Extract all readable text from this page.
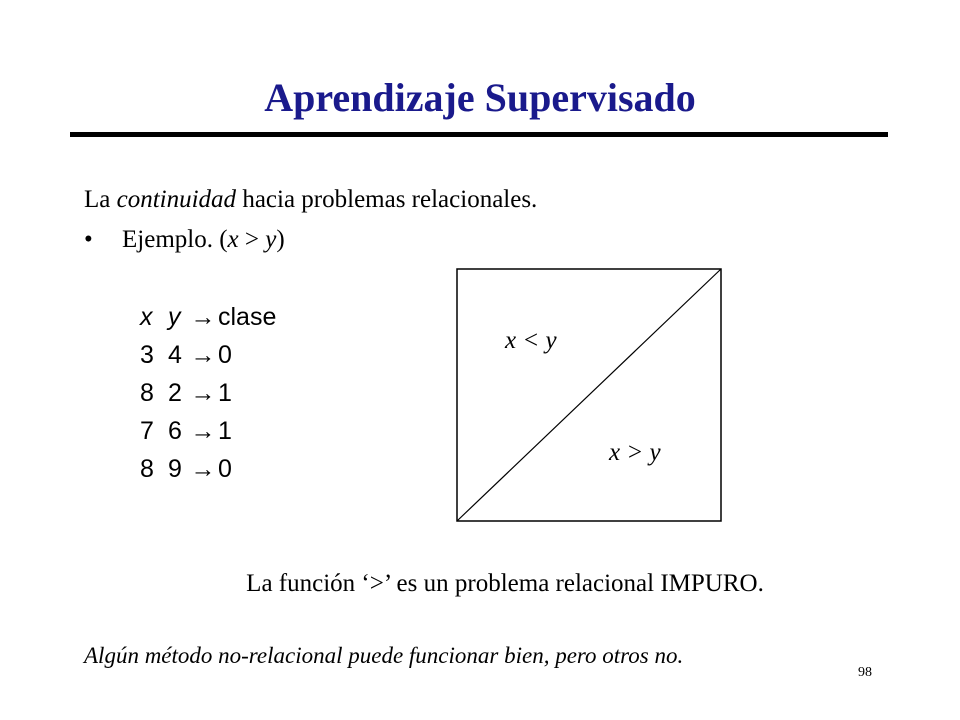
Aprendizaje Supervisado

La continuidad hacia problemas relacionales.

• Ejemplo. (x > y)

x	y	→	clase
3	4	→	0
8	2	→	1
7	6	→	1
8	9	→	0
x < y
x > y

La función ‘>’ es un problema relacional IMPURO.

Algún método no-relacional puede funcionar bien, pero otros no.

98
